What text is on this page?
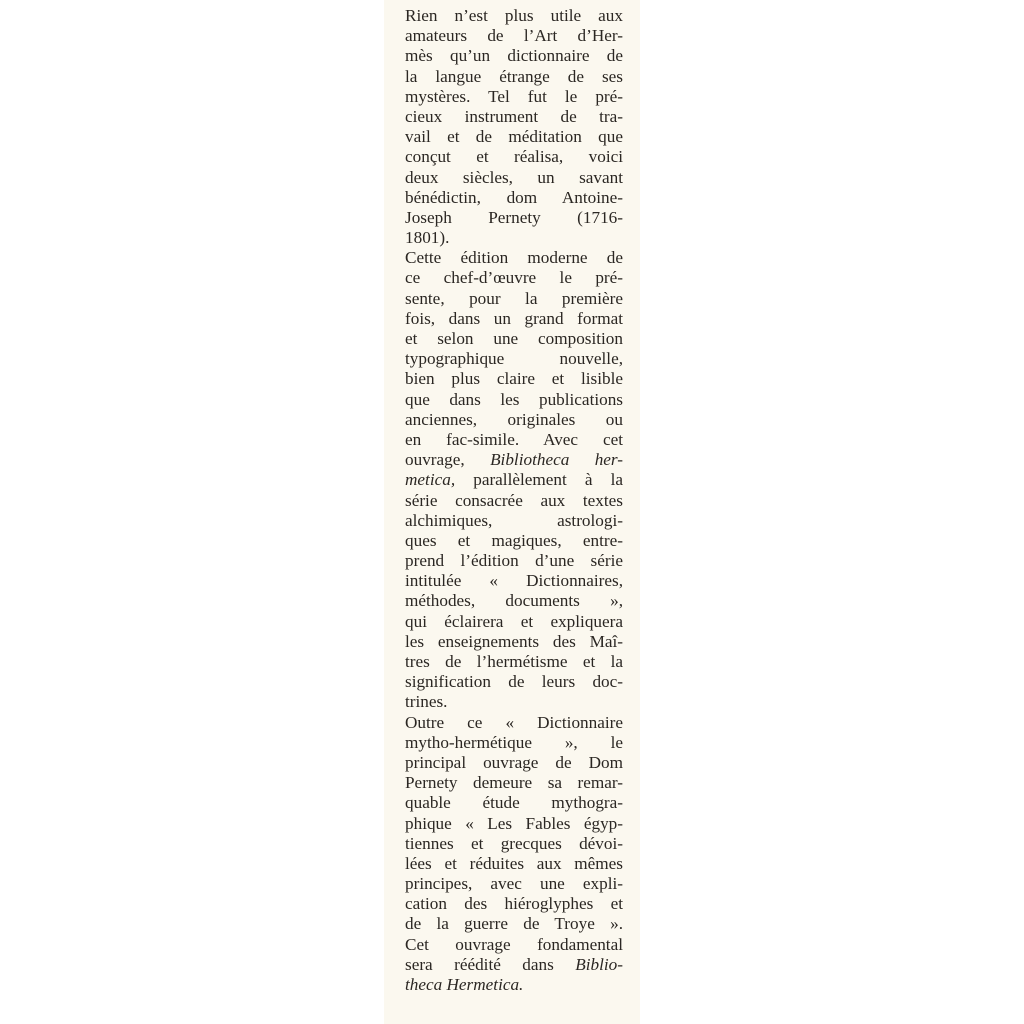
Rien n’est plus utile aux
amateurs de l’Art d’Her-
mès qu’un dictionnaire de
la langue étrange de ses
mystères. Tel fut le pré-
cieux instrument de tra-
vail et de méditation que
conçut et réalisa, voici
deux siècles, un savant
bénédictin, dom Antoine-
Joseph Pernety (1716-
1801).
Cette édition moderne de
ce chef-d’œuvre le pré-
sente, pour la première
fois, dans un grand format
et selon une composition
typographique nouvelle,
bien plus claire et lisible
que dans les publications
anciennes, originales ou
en fac-simile. Avec cet
ouvrage, Bibliotheca her-
metica, parallèlement à la
série consacrée aux textes
alchimiques, astrologi-
ques et magiques, entre-
prend l’édition d’une série
intitulée « Dictionnaires,
méthodes, documents »,
qui éclairera et expliquera
les enseignements des Maî-
tres de l’hermétisme et la
signification de leurs doc-
trines.
Outre ce « Dictionnaire
mytho-hermétique », le
principal ouvrage de Dom
Pernety demeure sa remar-
quable étude mythogra-
phique « Les Fables égyp-
tiennes et grecques dévoi-
lées et réduites aux mêmes
principes, avec une expli-
cation des hiéroglyphes et
de la guerre de Troye ».
Cet ouvrage fondamental
sera réédité dans Biblio-
theca Hermetica.
